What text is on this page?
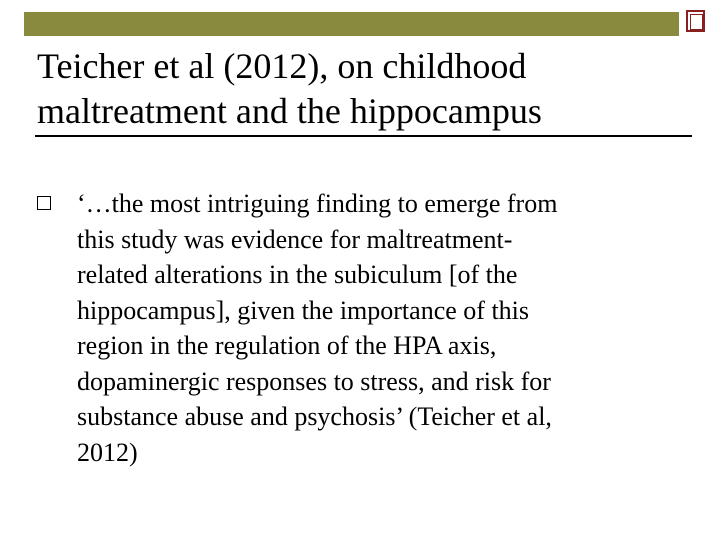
Teicher et al (2012), on childhood
maltreatment and the hippocampus

‘…the most intriguing finding to emerge from
this study was evidence for maltreatment-
related alterations in the subiculum [of the
hippocampus], given the importance of this
region in the regulation of the HPA axis,
dopaminergic responses to stress, and risk for
substance abuse and psychosis’ (Teicher et al,
2012)
